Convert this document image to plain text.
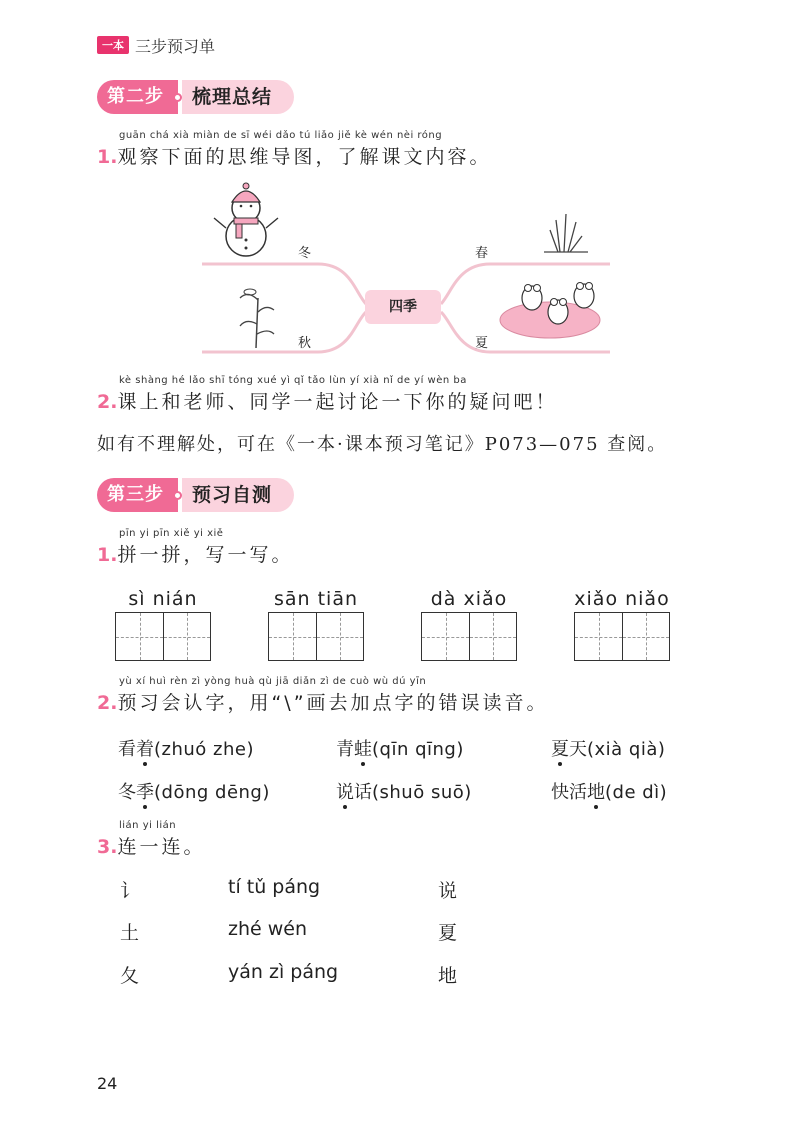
一本 三步预习单
第二步	梳理总结
guān chá xià miàn de sī wéi dǎo tú liǎo jiě kè wén nèi róng
1.观察下面的思维导图，了解课文内容。
冬	春
秋	夏
四季
kè shàng hé lǎo shī tóng xué yì qǐ tǎo lùn yí xià nǐ de yí wèn ba
2.课上和老师、同学一起讨论一下你的疑问吧！
如有不理解处，可在《一本·课本预习笔记》P073—075 查阅。
第三步	预习自测
pīn yi pīn xiě yi xiě
1.拼一拼，写一写。
sì nián	sān tiān	dà xiǎo	xiǎo niǎo
yù xí huì rèn zì yòng huà qù jiā diǎn zì de cuò wù dú yīn
2.预习会认字，用“\”画去加点字的错误读音。
看着(zhuó zhe)	青蛙(qīn qīng)	夏天(xià qià)
冬季(dōng dēng)	说话(shuō suō)	快活地(de dì)
lián yi lián
3.连一连。
讠	tí tǔ páng	说
土	zhé wén	夏
夂	yán zì páng	地
24
